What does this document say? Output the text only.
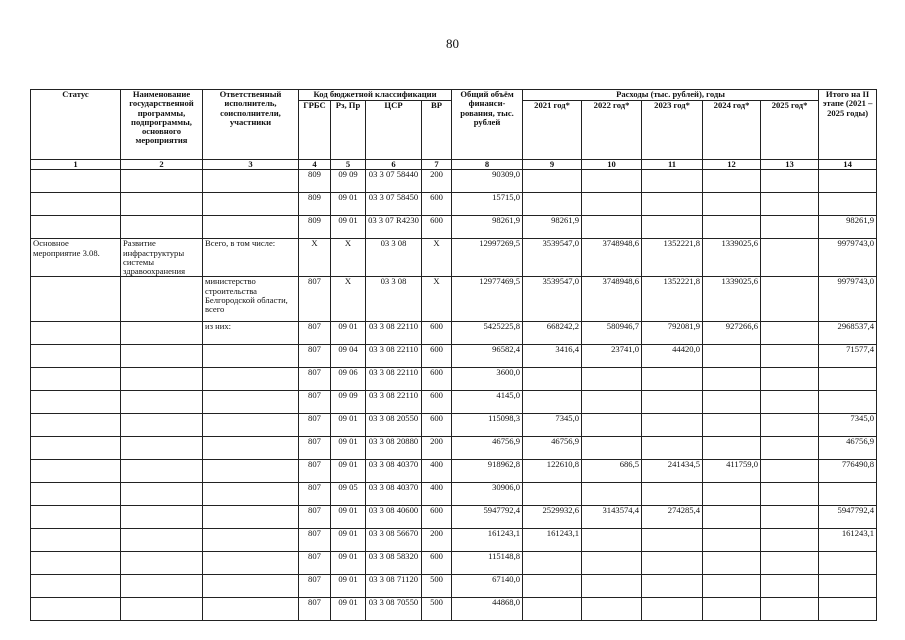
80
Статус	Наименование государственной программы, подпрограммы, основного мероприятия	Ответственный исполнитель, соисполнители, участники	Код бюджетной классификации				Общий объём финанси-рования, тыс. рублей	Расходы (тыс. рублей), годы					Итого на II этапе (2021 – 2025 годы)
			ГРБС	Рз, Пр	ЦСР	ВР		2021 год*	2022 год*	2023 год*	2024 год*	2025 год*	
1	2	3	4	5	6	7	8	9	10	11	12	13	14
			809	09 09	03 3 07 58440	200	90309,0						
			809	09 01	03 3 07 58450	600	15715,0						
			809	09 01	03 3 07 R4230	600	98261,9	98261,9					98261,9
Основное мероприятие 3.08.	Развитие инфраструктуры системы здравоохранения	Всего, в том числе:	Х	Х	03 3 08	Х	12997269,5	3539547,0	3748948,6	1352221,8	1339025,6		9979743,0
		министерство строительства Белгородской области, всего	807	Х	03 3 08	Х	12977469,5	3539547,0	3748948,6	1352221,8	1339025,6		9979743,0
		из них:	807	09 01	03 3 08 22110	600	5425225,8	668242,2	580946,7	792081,9	927266,6		2968537,4
			807	09 04	03 3 08 22110	600	96582,4	3416,4	23741,0	44420,0			71577,4
			807	09 06	03 3 08 22110	600	3600,0						
			807	09 09	03 3 08 22110	600	4145,0						
			807	09 01	03 3 08 20550	600	115098,3	7345,0					7345,0
			807	09 01	03 3 08 20880	200	46756,9	46756,9					46756,9
			807	09 01	03 3 08 40370	400	918962,8	122610,8	686,5	241434,5	411759,0		776490,8
			807	09 05	03 3 08 40370	400	30906,0						
			807	09 01	03 3 08 40600	600	5947792,4	2529932,6	3143574,4	274285,4			5947792,4
			807	09 01	03 3 08 56670	200	161243,1	161243,1					161243,1
			807	09 01	03 3 08 58320	600	115148,8						
			807	09 01	03 3 08 71120	500	67140,0						
			807	09 01	03 3 08 70550	500	44868,0						
